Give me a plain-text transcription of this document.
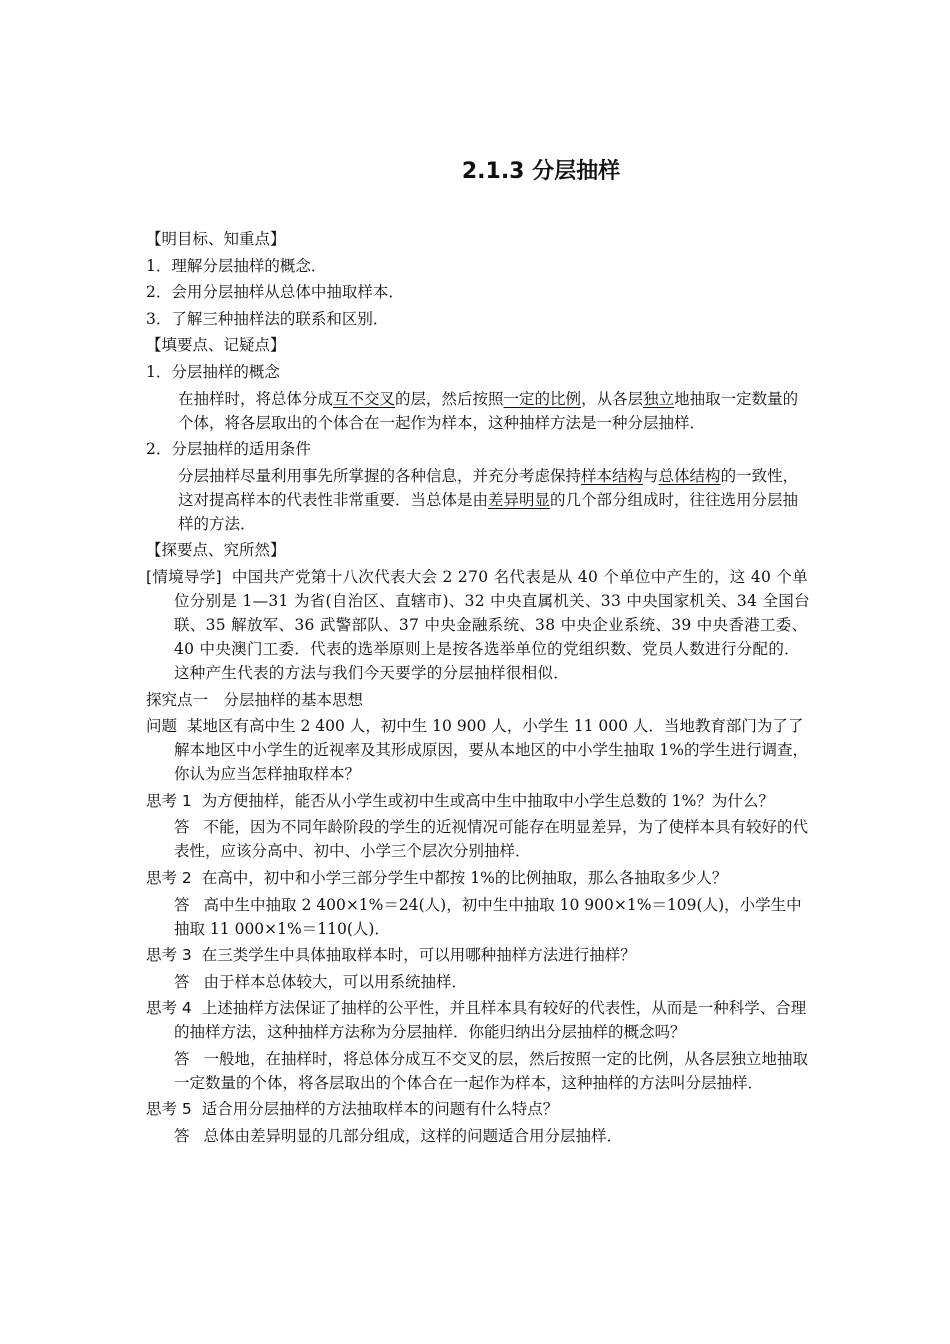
2.1.3 分层抽样
【明目标、知重点】
1．理解分层抽样的概念．
2．会用分层抽样从总体中抽取样本．
3．了解三种抽样法的联系和区别．
【填要点、记疑点】
1．分层抽样的概念
在抽样时，将总体分成互不交叉的层，然后按照一定的比例，从各层独立地抽取一定数量的个体，将各层取出的个体合在一起作为样本，这种抽样方法是一种分层抽样．
2．分层抽样的适用条件
分层抽样尽量利用事先所掌握的各种信息，并充分考虑保持样本结构与总体结构的一致性，这对提高样本的代表性非常重要．当总体是由差异明显的几个部分组成时，往往选用分层抽样的方法．
【探要点、究所然】
[情境导学] 中国共产党第十八次代表大会 2 270 名代表是从 40 个单位中产生的，这 40 个单位分别是 1—31 为省(自治区、直辖市)、32 中央直属机关、33 中央国家机关、34 全国台联、35 解放军、36 武警部队、37 中央金融系统、38 中央企业系统、39 中央香港工委、40 中央澳门工委．代表的选举原则上是按各选举单位的党组织数、党员人数进行分配的．这种产生代表的方法与我们今天要学的分层抽样很相似．
探究点一　分层抽样的基本思想
问题 某地区有高中生 2 400 人，初中生 10 900 人，小学生 11 000 人．当地教育部门为了了解本地区中小学生的近视率及其形成原因，要从本地区的中小学生抽取 1%的学生进行调查，你认为应当怎样抽取样本？
思考 1 为方便抽样，能否从小学生或初中生或高中生中抽取中小学生总数的 1%？为什么？
答 不能，因为不同年龄阶段的学生的近视情况可能存在明显差异，为了使样本具有较好的代表性，应该分高中、初中、小学三个层次分别抽样．
思考 2 在高中，初中和小学三部分学生中都按 1%的比例抽取，那么各抽取多少人？
答 高中生中抽取 2 400×1%＝24(人)，初中生中抽取 10 900×1%＝109(人)，小学生中抽取 11 000×1%＝110(人)．
思考 3 在三类学生中具体抽取样本时，可以用哪种抽样方法进行抽样？
答 由于样本总体较大，可以用系统抽样．
思考 4 上述抽样方法保证了抽样的公平性，并且样本具有较好的代表性，从而是一种科学、合理的抽样方法，这种抽样方法称为分层抽样．你能归纳出分层抽样的概念吗？
答 一般地，在抽样时，将总体分成互不交叉的层，然后按照一定的比例，从各层独立地抽取一定数量的个体，将各层取出的个体合在一起作为样本，这种抽样的方法叫分层抽样．
思考 5 适合用分层抽样的方法抽取样本的问题有什么特点？
答 总体由差异明显的几部分组成，这样的问题适合用分层抽样．
